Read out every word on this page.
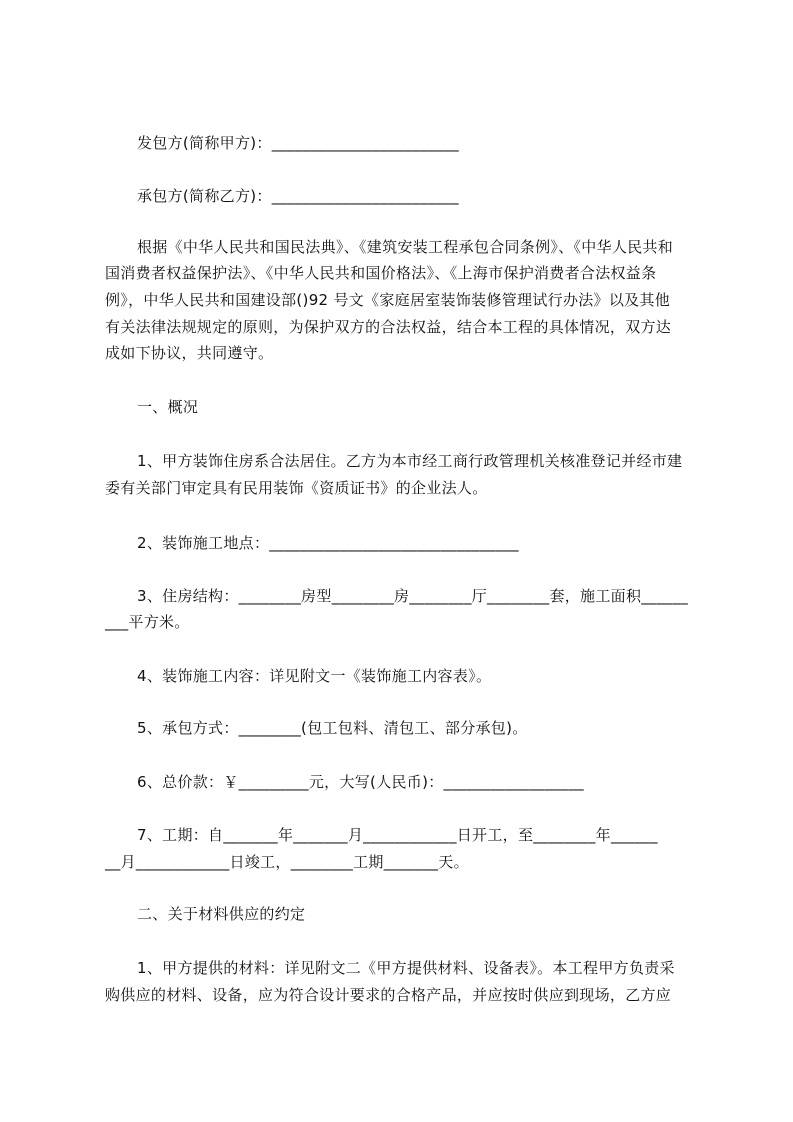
发包方(简称甲方)：________________________
承包方(简称乙方)：________________________
根据《中华人民共和国民法典》、《建筑安装工程承包合同条例》、《中华人民共和
国消费者权益保护法》、《中华人民共和国价格法》、《上海市保护消费者合法权益条
例》，中华人民共和国建设部()92 号文《家庭居室装饰装修管理试行办法》以及其他
有关法律法规规定的原则，为保护双方的合法权益，结合本工程的具体情况，双方达
成如下协议，共同遵守。
一、概况
1、甲方装饰住房系合法居住。乙方为本市经工商行政管理机关核准登记并经市建
委有关部门审定具有民用装饰《资质证书》的企业法人。
2、装饰施工地点：________________________________
3、住房结构：________房型________房________厅________套，施工面积______
___平方米。
4、装饰施工内容：详见附文一《装饰施工内容表》。
5、承包方式：________(包工包料、清包工、部分承包)。
6、总价款：￥_________元，大写(人民币)：__________________
7、工期：自_______年_______月____________日开工，至________年______
__月____________日竣工，________工期_______天。
二、关于材料供应的约定
1、甲方提供的材料：详见附文二《甲方提供材料、设备表》。本工程甲方负责采
购供应的材料、设备，应为符合设计要求的合格产品，并应按时供应到现场，乙方应
